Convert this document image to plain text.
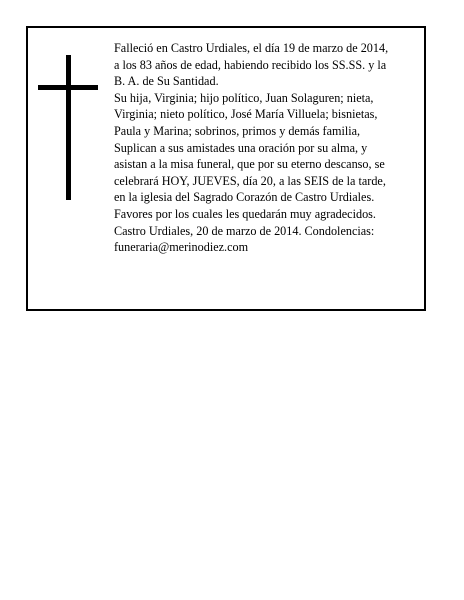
Falleció en Castro Urdiales, el día 19 de marzo de 2014,
a los 83 años de edad, habiendo recibido los SS.SS. y la
B. A. de Su Santidad.
Su hija, Virginia; hijo político, Juan Solaguren; nieta,
Virginia; nieto político, José María Villuela; bisnietas,
Paula y Marina; sobrinos, primos y demás familia,
Suplican a sus amistades una oración por su alma, y
asistan a la misa funeral, que por su eterno descanso, se
celebrará HOY, JUEVES, día 20, a las SEIS de la tarde,
en la iglesia del Sagrado Corazón de Castro Urdiales.
Favores por los cuales les quedarán muy agradecidos.
Castro Urdiales, 20 de marzo de 2014. Condolencias:
funeraria@merinodiez.com
